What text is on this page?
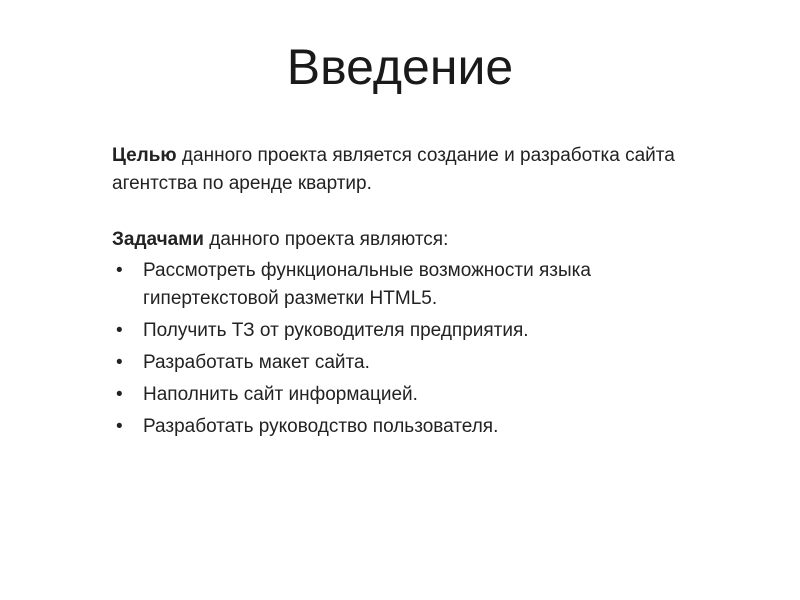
Введение

Целью данного проекта является создание и разработка сайта агентства по аренде квартир.

Задачами данного проекта являются:

• Рассмотреть функциональные возможности языка гипертекстовой разметки HTML5.
• Получить ТЗ от руководителя предприятия.
• Разработать макет сайта.
• Наполнить сайт информацией.
• Разработать руководство пользователя.
